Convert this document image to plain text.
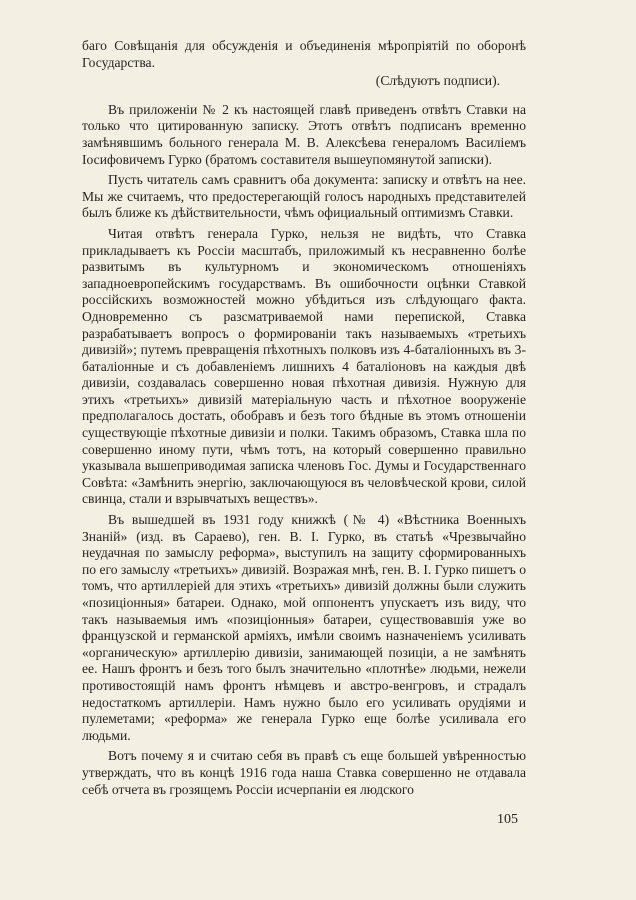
баго Совѣщанія для обсужденія и объединенія мѣропріятій по оборонѣ Государства.

(Слѣдуютъ подписи).

Въ приложеніи № 2 къ настоящей главѣ приведенъ отвѣтъ Ставки на только что цитированную записку. Этотъ отвѣтъ подписанъ временно замѣнявшимъ больного генерала М. В. Алексѣева генераломъ Василіемъ Іосифовичемъ Гурко (братомъ составителя вышеупомянутой записки).

Пусть читатель самъ сравнитъ оба документа: записку и отвѣтъ на нее. Мы же считаемъ, что предостерегающій голосъ народныхъ представителей былъ ближе къ дѣйствительности, чѣмъ официальный оптимизмъ Ставки.

Читая отвѣтъ генерала Гурко, нельзя не видѣть, что Ставка прикладываетъ къ Россіи масштабъ, приложимый къ несравненно болѣе развитымъ въ культурномъ и экономическомъ отношеніяхъ западноевропейскимъ государствамъ. Въ ошибочности оцѣнки Ставкой россійскихъ возможностей можно убѣдиться изъ слѣдующаго факта. Одновременно съ разсматриваемой нами перепиской, Ставка разрабатываетъ вопросъ о формированіи такъ называемыхъ «третьихъ дивизій»; путемъ превращенія пѣхотныхъ полковъ изъ 4-баталіонныхъ въ 3-баталіонные и съ добавленіемъ лишнихъ 4 баталіоновъ на каждыя двѣ дивизіи, создавалась совершенно новая пѣхотная дивизія. Нужную для этихъ «третьихъ» дивизій матеріальную часть и пѣхотное вооруженіе предполагалось достать, обобравъ и безъ того бѣдные въ этомъ отношеніи существующіе пѣхотные дивизіи и полки. Такимъ образомъ, Ставка шла по совершенно иному пути, чѣмъ тотъ, на который совершенно правильно указывала вышеприводимая записка членовъ Гос. Думы и Государственнаго Совѣта: «Замѣнить энергію, заключающуюся въ человѣческой крови, силой свинца, стали и взрывчатыхъ веществъ».

Въ вышедшей въ 1931 году книжкѣ (№ 4) «Вѣстника Военныхъ Знаній» (изд. въ Сараево), ген. В. І. Гурко, въ статьѣ «Чрезвычайно неудачная по замыслу реформа», выступилъ на защиту сформированныхъ по его замыслу «третьихъ» дивизій. Возражая мнѣ, ген. В. І. Гурко пишетъ о томъ, что артиллеріей для этихъ «третьихъ» дивизій должны были служить «позиціонныя» батареи. Однако, мой оппонентъ упускаетъ изъ виду, что такъ называемыя имъ «позиціонныя» батареи, существовавшія уже во французской и германской арміяхъ, имѣли своимъ назначеніемъ усиливать «органическую» артиллерію дивизіи, занимающей позиціи, а не замѣнять ее. Нашъ фронтъ и безъ того былъ значительно «плотнѣе» людьми, нежели противостоящій намъ фронтъ нѣмцевъ и австро-венгровъ, и страдалъ недостаткомъ артиллеріи. Намъ нужно было его усиливать орудіями и пулеметами; «реформа» же генерала Гурко еще болѣе усиливала его людьми.

Вотъ почему я и считаю себя въ правѣ съ еще большей увѣренностью утверждать, что въ концѣ 1916 года наша Ставка совершенно не отдавала себѣ отчета въ грозящемъ Россіи исчерпаніи ея людского

105
